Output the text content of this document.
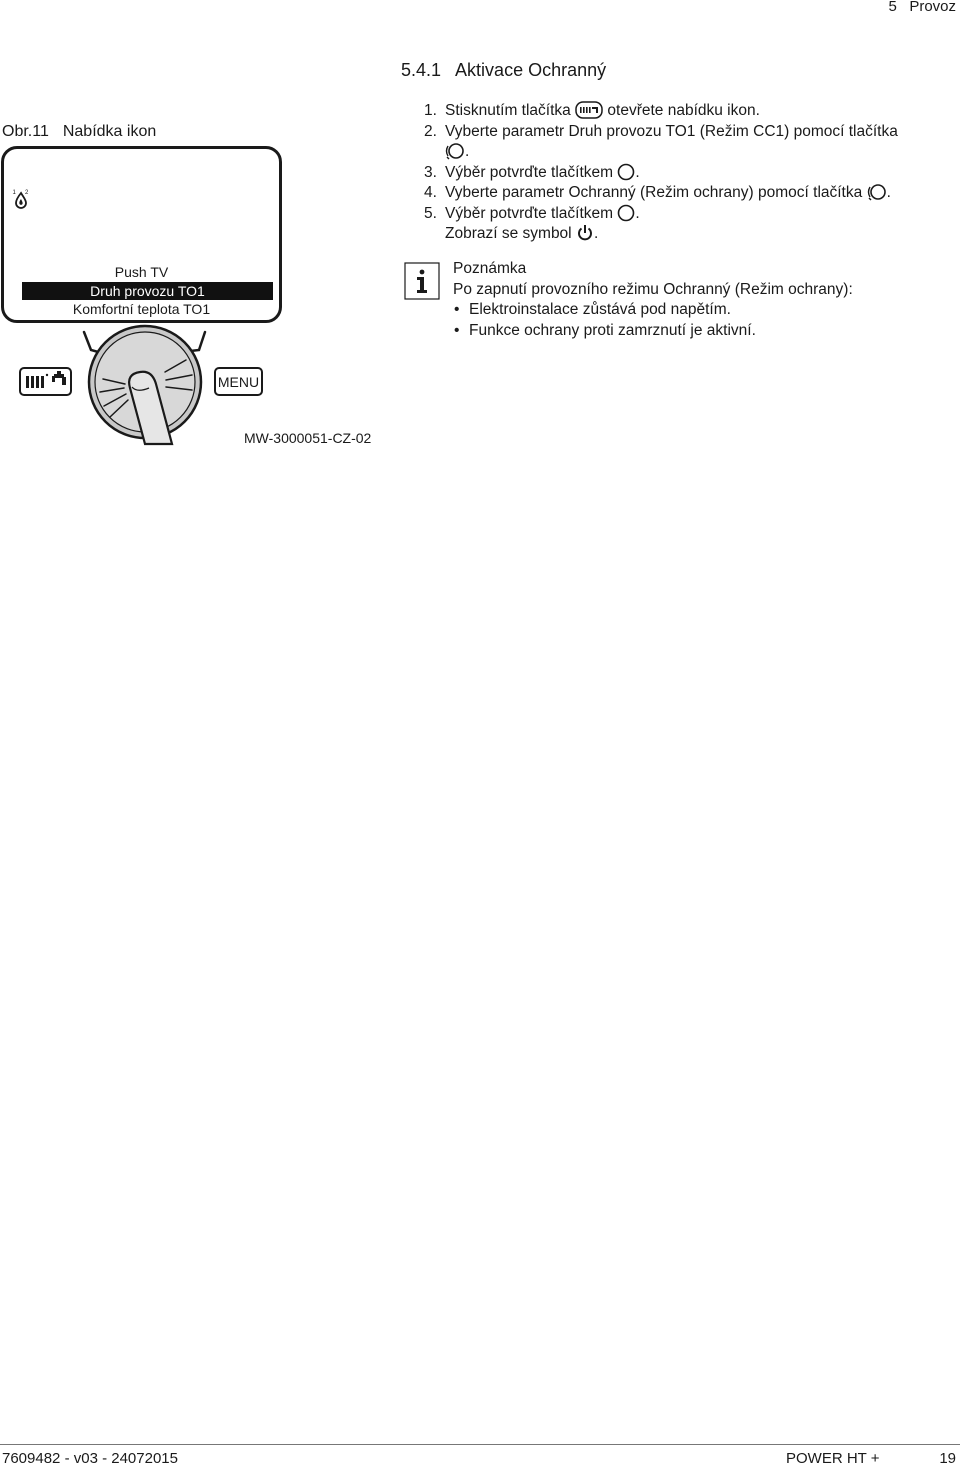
5 Provoz
Obr.11 Nabídka ikon
1 2
Push TV
Druh provozu TO1
Komfortní teplota TO1
MENU
MW-3000051-CZ-02
5.4.1 Aktivace Ochranný
1. Stisknutím tlačítka otevřete nabídku ikon.
2. Vyberte parametr Druh provozu TO1 (Režim CC1) pomocí tlačítka
.
3. Výběr potvrďte tlačítkem .
4. Vyberte parametr Ochranný (Režim ochrany) pomocí tlačítka .
5. Výběr potvrďte tlačítkem .
Zobrazí se symbol .
Poznámka
Po zapnutí provozního režimu Ochranný (Režim ochrany):
• Elektroinstalace zůstává pod napětím.
• Funkce ochrany proti zamrznutí je aktivní.
7609482 - v03 - 24072015	POWER HT +	19
